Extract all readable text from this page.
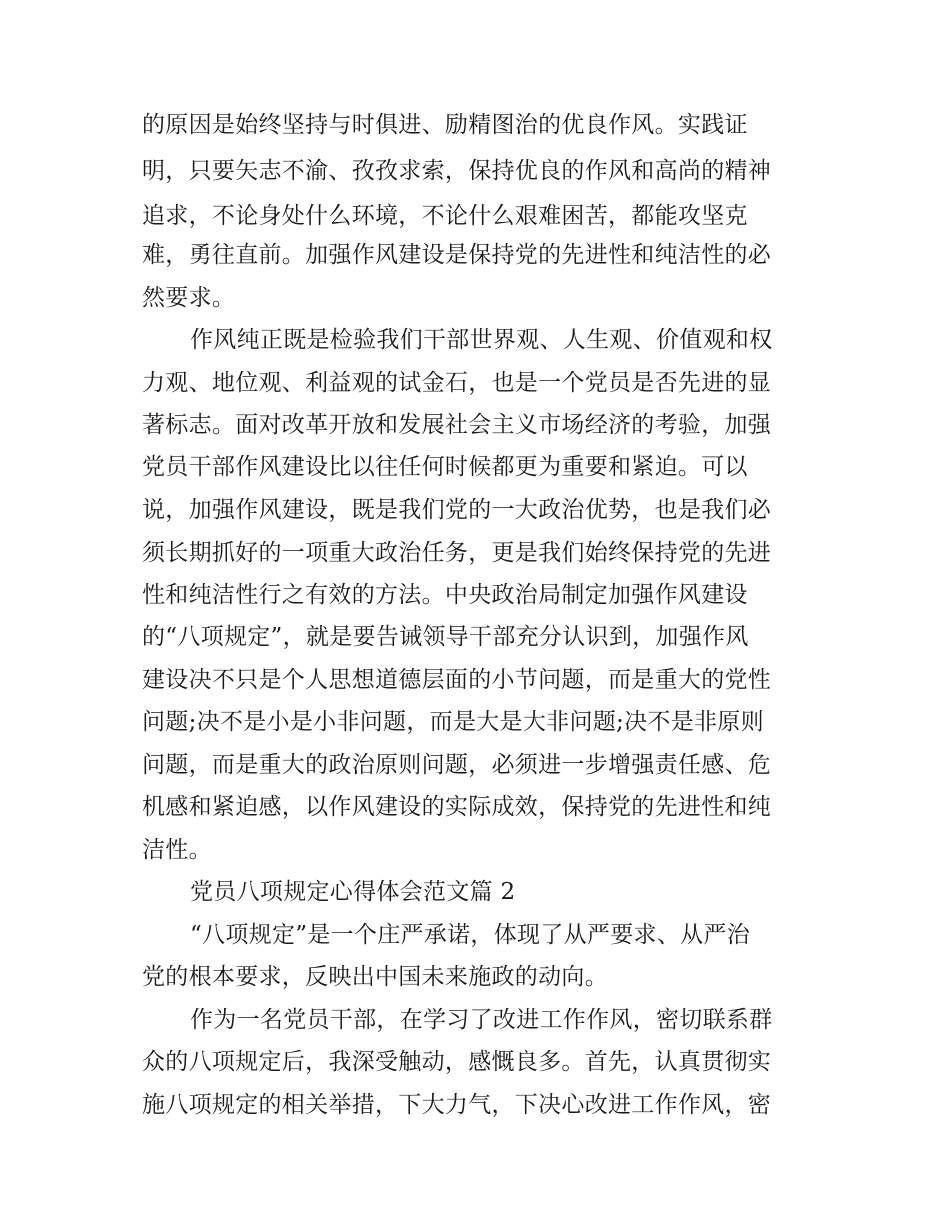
的原因是始终坚持与时俱进、励精图治的优良作风。实践证
明，只要矢志不渝、孜孜求索，保持优良的作风和高尚的精神
追求，不论身处什么环境，不论什么艰难困苦，都能攻坚克
难，勇往直前。加强作风建设是保持党的先进性和纯洁性的必
然要求。
作风纯正既是检验我们干部世界观、人生观、价值观和权
力观、地位观、利益观的试金石，也是一个党员是否先进的显
著标志。面对改革开放和发展社会主义市场经济的考验，加强
党员干部作风建设比以往任何时候都更为重要和紧迫。可以
说，加强作风建设，既是我们党的一大政治优势，也是我们必
须长期抓好的一项重大政治任务，更是我们始终保持党的先进
性和纯洁性行之有效的方法。中央政治局制定加强作风建设
的“八项规定”，就是要告诫领导干部充分认识到，加强作风
建设决不只是个人思想道德层面的小节问题，而是重大的党性
问题;决不是小是小非问题，而是大是大非问题;决不是非原则
问题，而是重大的政治原则问题，必须进一步增强责任感、危
机感和紧迫感，以作风建设的实际成效，保持党的先进性和纯
洁性。
党员八项规定心得体会范文篇 2
“八项规定”是一个庄严承诺，体现了从严要求、从严治
党的根本要求，反映出中国未来施政的动向。
作为一名党员干部，在学习了改进工作作风，密切联系群
众的八项规定后，我深受触动，感慨良多。首先，认真贯彻实
施八项规定的相关举措，下大力气，下决心改进工作作风，密
